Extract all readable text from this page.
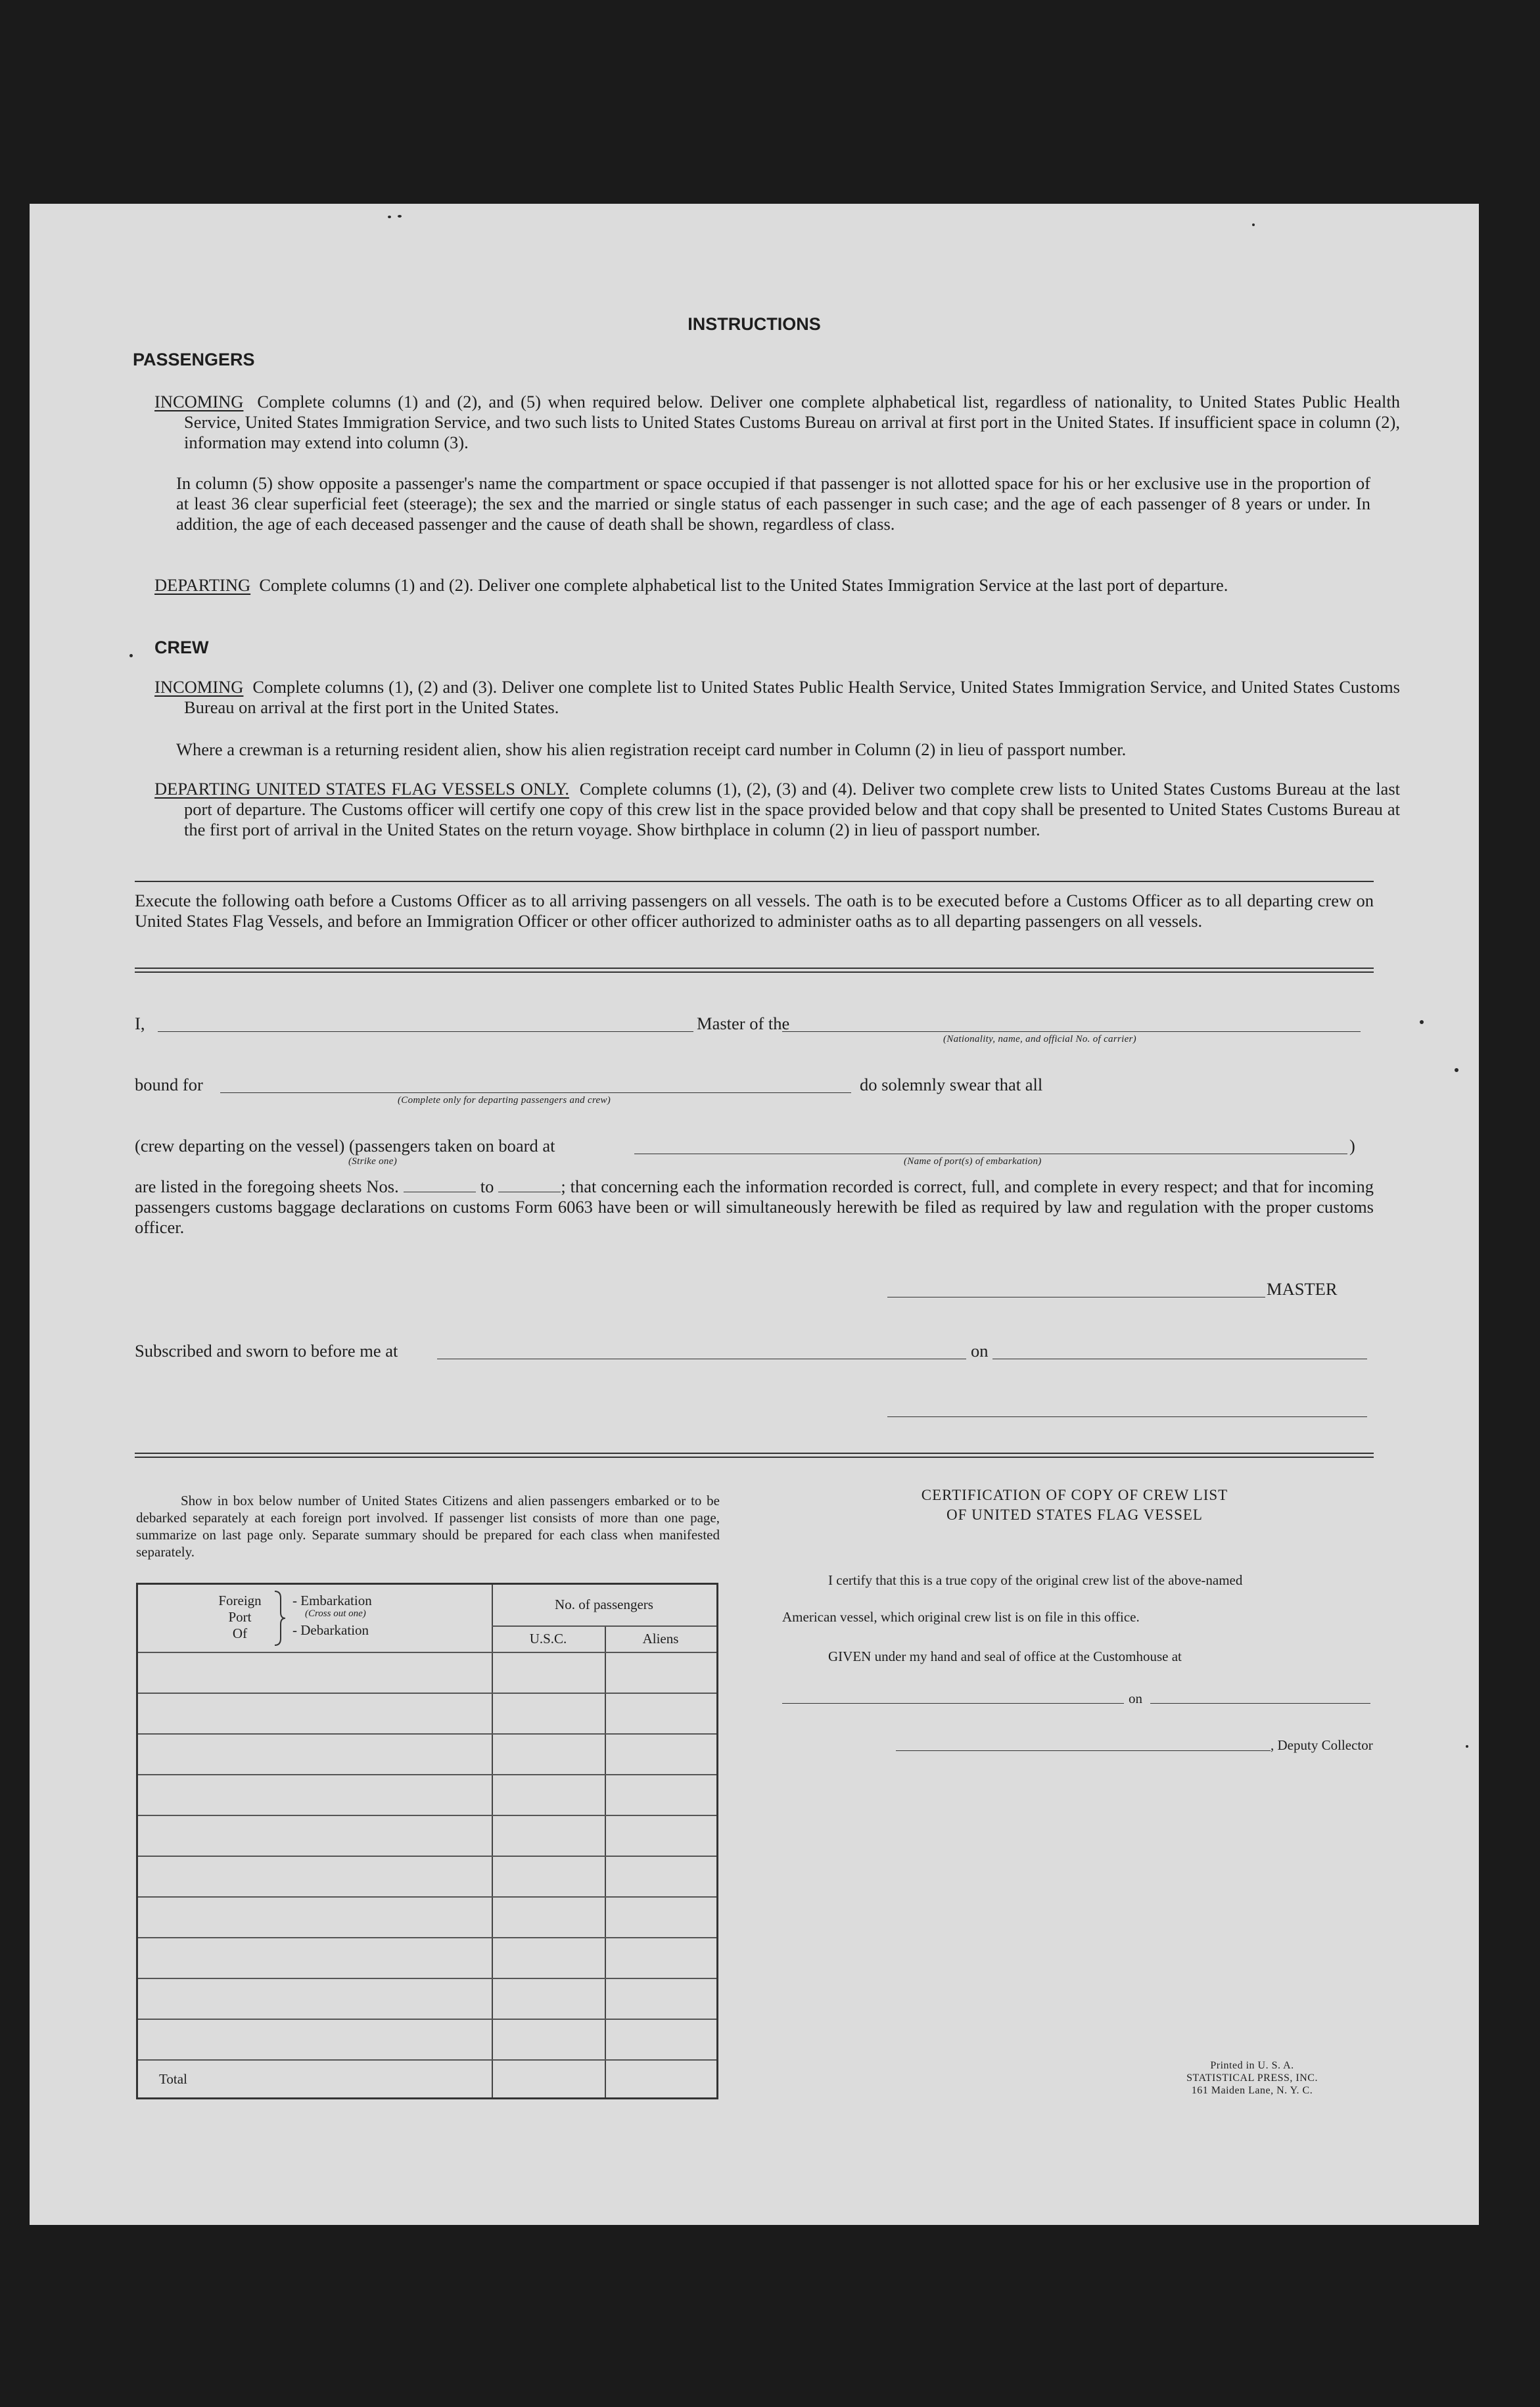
INSTRUCTIONS
PASSENGERS
INCOMING Complete columns (1) and (2), and (5) when required below. Deliver one complete alphabetical list, regardless of nationality, to United States Public Health Service, United States Immigration Service, and two such lists to United States Customs Bureau on arrival at first port in the United States. If insufficient space in column (2), information may extend into column (3).
In column (5) show opposite a passenger's name the compartment or space occupied if that passenger is not allotted space for his or her exclusive use in the proportion of at least 36 clear superficial feet (steerage); the sex and the married or single status of each passenger in such case; and the age of each passenger of 8 years or under. In addition, the age of each deceased passenger and the cause of death shall be shown, regardless of class.
DEPARTING Complete columns (1) and (2). Deliver one complete alphabetical list to the United States Immigration Service at the last port of departure.
CREW
INCOMING Complete columns (1), (2) and (3). Deliver one complete list to United States Public Health Service, United States Immigration Service, and United States Customs Bureau on arrival at the first port in the United States.
Where a crewman is a returning resident alien, show his alien registration receipt card number in Column (2) in lieu of passport number.
DEPARTING UNITED STATES FLAG VESSELS ONLY. Complete columns (1), (2), (3) and (4). Deliver two complete crew lists to United States Customs Bureau at the last port of departure. The Customs officer will certify one copy of this crew list in the space provided below and that copy shall be presented to United States Customs Bureau at the first port of arrival in the United States on the return voyage. Show birthplace in column (2) in lieu of passport number.
Execute the following oath before a Customs Officer as to all arriving passengers on all vessels. The oath is to be executed before a Customs Officer as to all departing crew on United States Flag Vessels, and before an Immigration Officer or other officer authorized to administer oaths as to all departing passengers on all vessels.
I,	Master of the
(Nationality, name, and official No. of carrier)
bound for
(Complete only for departing passengers and crew)
do solemnly swear that all
(crew departing on the vessel) (passengers taken on board at	)
(Strike one)	(Name of port(s) of embarkation)
are listed in the foregoing sheets Nos.	to	; that concerning each the information recorded is correct, full, and complete in every respect; and that for incoming passengers customs baggage declarations on customs Form 6063 have been or will simultaneously herewith be filed as required by law and regulation with the proper customs officer.
MASTER
Subscribed and sworn to before me at	on
Show in box below number of United States Citizens and alien passengers embarked or to be debarked separately at each foreign port involved. If passenger list consists of more than one page, summarize on last page only. Separate summary should be prepared for each class when manifested separately.
Foreign
Port
Of
- Embarkation
(Cross out one)
- Debarkation
No. of passengers
U.S.C.	Aliens
Total
CERTIFICATION OF COPY OF CREW LIST
OF UNITED STATES FLAG VESSEL
I certify that this is a true copy of the original crew list of the above-named
American vessel, which original crew list is on file in this office.
GIVEN under my hand and seal of office at the Customhouse at
on
, Deputy Collector
Printed in U. S. A.
STATISTICAL PRESS, INC.
161 Maiden Lane, N. Y. C.
